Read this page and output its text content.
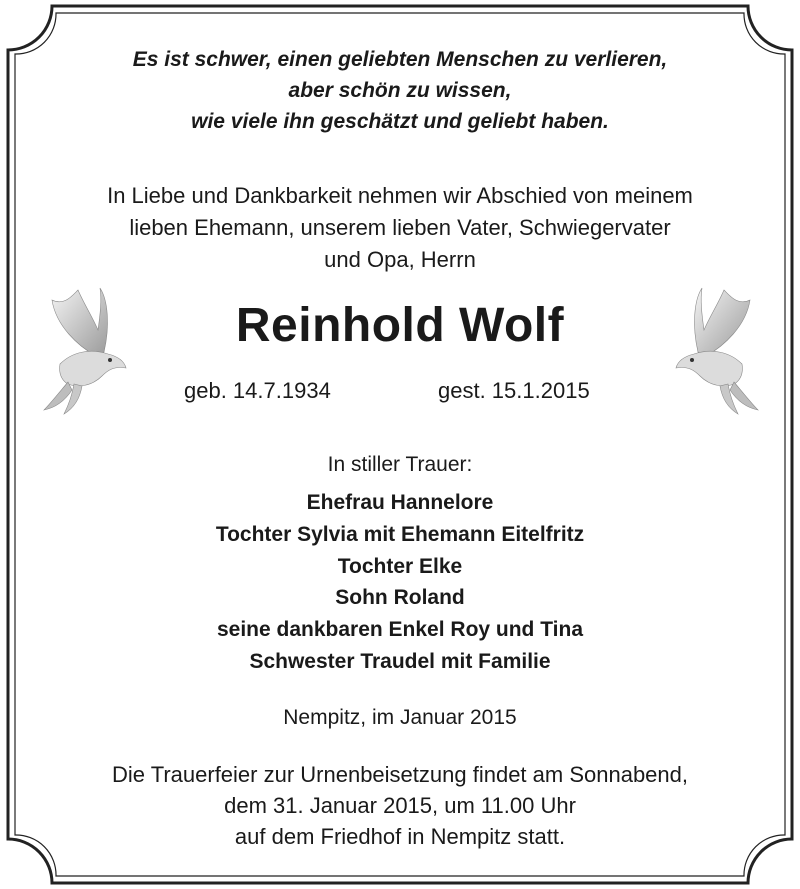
Es ist schwer, einen geliebten Menschen zu verlieren,
aber schön zu wissen,
wie viele ihn geschätzt und geliebt haben.
In Liebe und Dankbarkeit nehmen wir Abschied von meinem
lieben Ehemann, unserem lieben Vater, Schwiegervater
und Opa, Herrn
Reinhold Wolf
geb. 14.7.1934	gest. 15.1.2015
In stiller Trauer:
Ehefrau Hannelore
Tochter Sylvia mit Ehemann Eitelfritz
Tochter Elke
Sohn Roland
seine dankbaren Enkel Roy und Tina
Schwester Traudel mit Familie
Nempitz, im Januar 2015
Die Trauerfeier zur Urnenbeisetzung findet am Sonnabend,
dem 31. Januar 2015, um 11.00 Uhr
auf dem Friedhof in Nempitz statt.
